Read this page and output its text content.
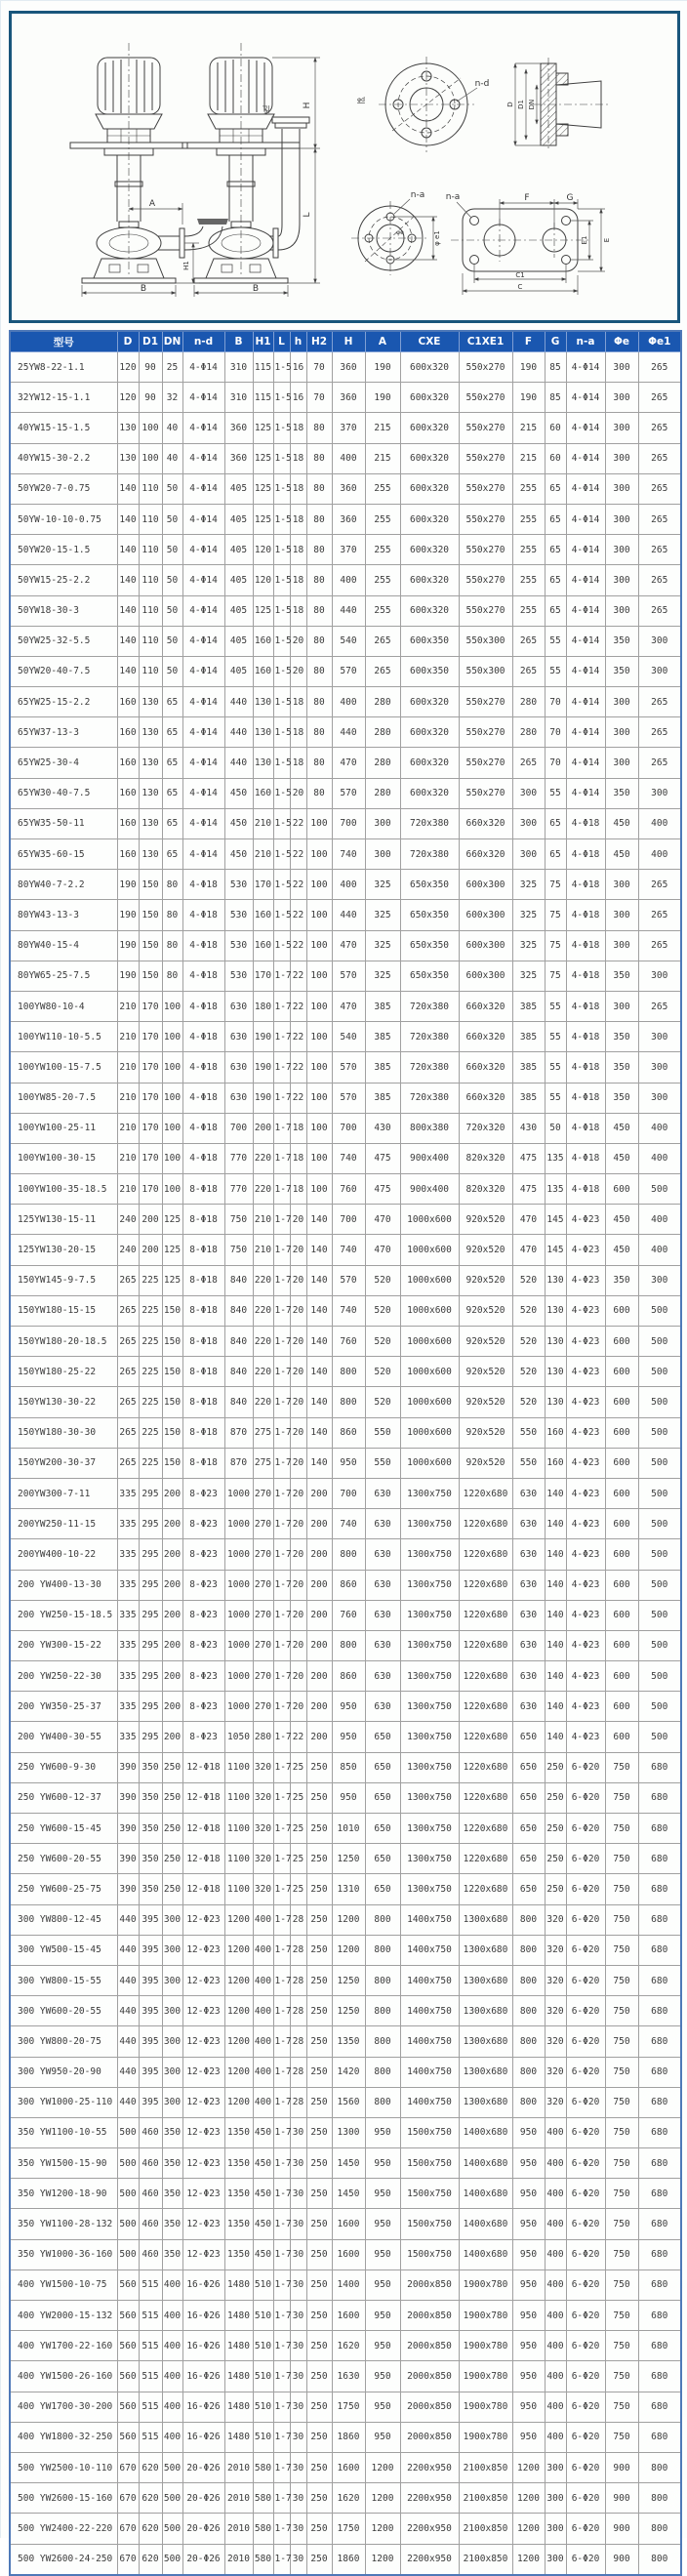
A
H1
B	B
H
L
φd
n-d
φd
D D1 DN
n-a
φ e1
φe
n-a	F	G
E1 E
C1
C
型号	D	D1	DN	n-d	B	H1	L	h	H2	H	A	CXE	C1XE1	F	G	n-a	Φe	Φe1
25YW8-22-1.1	120	90	25	4-Φ14	310	115	1-5	16	70	360	190	600x320	550x270	190	85	4-Φ14	300	265
32YW12-15-1.1	120	90	32	4-Φ14	310	115	1-5	16	70	360	190	600x320	550x270	190	85	4-Φ14	300	265
40YW15-15-1.5	130	100	40	4-Φ14	360	125	1-5	18	80	370	215	600x320	550x270	215	60	4-Φ14	300	265
40YW15-30-2.2	130	100	40	4-Φ14	360	125	1-5	18	80	400	215	600x320	550x270	215	60	4-Φ14	300	265
50YW20-7-0.75	140	110	50	4-Φ14	405	125	1-5	18	80	360	255	600x320	550x270	255	65	4-Φ14	300	265
50YW-10-10-0.75	140	110	50	4-Φ14	405	125	1-5	18	80	360	255	600x320	550x270	255	65	4-Φ14	300	265
50YW20-15-1.5	140	110	50	4-Φ14	405	120	1-5	18	80	370	255	600x320	550x270	255	65	4-Φ14	300	265
50YW15-25-2.2	140	110	50	4-Φ14	405	120	1-5	18	80	400	255	600x320	550x270	255	65	4-Φ14	300	265
50YW18-30-3	140	110	50	4-Φ14	405	125	1-5	18	80	440	255	600x320	550x270	255	65	4-Φ14	300	265
50YW25-32-5.5	140	110	50	4-Φ14	405	160	1-5	20	80	540	265	600x350	550x300	265	55	4-Φ14	350	300
50YW20-40-7.5	140	110	50	4-Φ14	405	160	1-5	20	80	570	265	600x350	550x300	265	55	4-Φ14	350	300
65YW25-15-2.2	160	130	65	4-Φ14	440	130	1-5	18	80	400	280	600x320	550x270	280	70	4-Φ14	300	265
65YW37-13-3	160	130	65	4-Φ14	440	130	1-5	18	80	440	280	600x320	550x270	280	70	4-Φ14	300	265
65YW25-30-4	160	130	65	4-Φ14	440	130	1-5	18	80	470	280	600x320	550x270	265	70	4-Φ14	300	265
65YW30-40-7.5	160	130	65	4-Φ14	450	160	1-5	20	80	570	280	600x320	550x270	300	55	4-Φ14	350	300
65YW35-50-11	160	130	65	4-Φ14	450	210	1-5	22	100	700	300	720x380	660x320	300	65	4-Φ18	450	400
65YW35-60-15	160	130	65	4-Φ14	450	210	1-5	22	100	740	300	720x380	660x320	300	65	4-Φ18	450	400
80YW40-7-2.2	190	150	80	4-Φ18	530	170	1-5	22	100	400	325	650x350	600x300	325	75	4-Φ18	300	265
80YW43-13-3	190	150	80	4-Φ18	530	160	1-5	22	100	440	325	650x350	600x300	325	75	4-Φ18	300	265
80YW40-15-4	190	150	80	4-Φ18	530	160	1-5	22	100	470	325	650x350	600x300	325	75	4-Φ18	300	265
80YW65-25-7.5	190	150	80	4-Φ18	530	170	1-7	22	100	570	325	650x350	600x300	325	75	4-Φ18	350	300
100YW80-10-4	210	170	100	4-Φ18	630	180	1-7	22	100	470	385	720x380	660x320	385	55	4-Φ18	300	265
100YW110-10-5.5	210	170	100	4-Φ18	630	190	1-7	22	100	540	385	720x380	660x320	385	55	4-Φ18	350	300
100YW100-15-7.5	210	170	100	4-Φ18	630	190	1-7	22	100	570	385	720x380	660x320	385	55	4-Φ18	350	300
100YW85-20-7.5	210	170	100	4-Φ18	630	190	1-7	22	100	570	385	720x380	660x320	385	55	4-Φ18	350	300
100YW100-25-11	210	170	100	4-Φ18	700	200	1-7	18	100	700	430	800x380	720x320	430	50	4-Φ18	450	400
100YW100-30-15	210	170	100	4-Φ18	770	220	1-7	18	100	740	475	900x400	820x320	475	135	4-Φ18	450	400
100YW100-35-18.5	210	170	100	8-Φ18	770	220	1-7	18	100	760	475	900x400	820x320	475	135	4-Φ18	600	500
125YW130-15-11	240	200	125	8-Φ18	750	210	1-7	20	140	700	470	1000x600	920x520	470	145	4-Φ23	450	400
125YW130-20-15	240	200	125	8-Φ18	750	210	1-7	20	140	740	470	1000x600	920x520	470	145	4-Φ23	450	400
150YW145-9-7.5	265	225	125	8-Φ18	840	220	1-7	20	140	570	520	1000x600	920x520	520	130	4-Φ23	350	300
150YW180-15-15	265	225	150	8-Φ18	840	220	1-7	20	140	740	520	1000x600	920x520	520	130	4-Φ23	600	500
150YW180-20-18.5	265	225	150	8-Φ18	840	220	1-7	20	140	760	520	1000x600	920x520	520	130	4-Φ23	600	500
150YW180-25-22	265	225	150	8-Φ18	840	220	1-7	20	140	800	520	1000x600	920x520	520	130	4-Φ23	600	500
150YW130-30-22	265	225	150	8-Φ18	840	220	1-7	20	140	800	520	1000x600	920x520	520	130	4-Φ23	600	500
150YW180-30-30	265	225	150	8-Φ18	870	275	1-7	20	140	860	550	1000x600	920x520	550	160	4-Φ23	600	500
150YW200-30-37	265	225	150	8-Φ18	870	275	1-7	20	140	950	550	1000x600	920x520	550	160	4-Φ23	600	500
200YW300-7-11	335	295	200	8-Φ23	1000	270	1-7	20	200	700	630	1300x750	1220x680	630	140	4-Φ23	600	500
200YW250-11-15	335	295	200	8-Φ23	1000	270	1-7	20	200	740	630	1300x750	1220x680	630	140	4-Φ23	600	500
200YW400-10-22	335	295	200	8-Φ23	1000	270	1-7	20	200	800	630	1300x750	1220x680	630	140	4-Φ23	600	500
200 YW400-13-30	335	295	200	8-Φ23	1000	270	1-7	20	200	860	630	1300x750	1220x680	630	140	4-Φ23	600	500
200 YW250-15-18.5	335	295	200	8-Φ23	1000	270	1-7	20	200	760	630	1300x750	1220x680	630	140	4-Φ23	600	500
200 YW300-15-22	335	295	200	8-Φ23	1000	270	1-7	20	200	800	630	1300x750	1220x680	630	140	4-Φ23	600	500
200 YW250-22-30	335	295	200	8-Φ23	1000	270	1-7	20	200	860	630	1300x750	1220x680	630	140	4-Φ23	600	500
200 YW350-25-37	335	295	200	8-Φ23	1000	270	1-7	20	200	950	630	1300x750	1220x680	630	140	4-Φ23	600	500
200 YW400-30-55	335	295	200	8-Φ23	1050	280	1-7	22	200	950	650	1300x750	1220x680	650	140	4-Φ23	600	500
250 YW600-9-30	390	350	250	12-Φ18	1100	320	1-7	25	250	850	650	1300x750	1220x680	650	250	6-Φ20	750	680
250 YW600-12-37	390	350	250	12-Φ18	1100	320	1-7	25	250	950	650	1300x750	1220x680	650	250	6-Φ20	750	680
250 YW600-15-45	390	350	250	12-Φ18	1100	320	1-7	25	250	1010	650	1300x750	1220x680	650	250	6-Φ20	750	680
250 YW600-20-55	390	350	250	12-Φ18	1100	320	1-7	25	250	1250	650	1300x750	1220x680	650	250	6-Φ20	750	680
250 YW600-25-75	390	350	250	12-Φ18	1100	320	1-7	25	250	1310	650	1300x750	1220x680	650	250	6-Φ20	750	680
300 YW800-12-45	440	395	300	12-Φ23	1200	400	1-7	28	250	1200	800	1400x750	1300x680	800	320	6-Φ20	750	680
300 YW500-15-45	440	395	300	12-Φ23	1200	400	1-7	28	250	1200	800	1400x750	1300x680	800	320	6-Φ20	750	680
300 YW800-15-55	440	395	300	12-Φ23	1200	400	1-7	28	250	1250	800	1400x750	1300x680	800	320	6-Φ20	750	680
300 YW600-20-55	440	395	300	12-Φ23	1200	400	1-7	28	250	1250	800	1400x750	1300x680	800	320	6-Φ20	750	680
300 YW800-20-75	440	395	300	12-Φ23	1200	400	1-7	28	250	1350	800	1400x750	1300x680	800	320	6-Φ20	750	680
300 YW950-20-90	440	395	300	12-Φ23	1200	400	1-7	28	250	1420	800	1400x750	1300x680	800	320	6-Φ20	750	680
300 YW1000-25-110	440	395	300	12-Φ23	1200	400	1-7	28	250	1560	800	1400x750	1300x680	800	320	6-Φ20	750	680
350 YW1100-10-55	500	460	350	12-Φ23	1350	450	1-7	30	250	1300	950	1500x750	1400x680	950	400	6-Φ20	750	680
350 YW1500-15-90	500	460	350	12-Φ23	1350	450	1-7	30	250	1450	950	1500x750	1400x680	950	400	6-Φ20	750	680
350 YW1200-18-90	500	460	350	12-Φ23	1350	450	1-7	30	250	1450	950	1500x750	1400x680	950	400	6-Φ20	750	680
350 YW1100-28-132	500	460	350	12-Φ23	1350	450	1-7	30	250	1600	950	1500x750	1400x680	950	400	6-Φ20	750	680
350 YW1000-36-160	500	460	350	12-Φ23	1350	450	1-7	30	250	1600	950	1500x750	1400x680	950	400	6-Φ20	750	680
400 YW1500-10-75	560	515	400	16-Φ26	1480	510	1-7	30	250	1400	950	2000x850	1900x780	950	400	6-Φ20	750	680
400 YW2000-15-132	560	515	400	16-Φ26	1480	510	1-7	30	250	1600	950	2000x850	1900x780	950	400	6-Φ20	750	680
400 YW1700-22-160	560	515	400	16-Φ26	1480	510	1-7	30	250	1620	950	2000x850	1900x780	950	400	6-Φ20	750	680
400 YW1500-26-160	560	515	400	16-Φ26	1480	510	1-7	30	250	1630	950	2000x850	1900x780	950	400	6-Φ20	750	680
400 YW1700-30-200	560	515	400	16-Φ26	1480	510	1-7	30	250	1750	950	2000x850	1900x780	950	400	6-Φ20	750	680
400 YW1800-32-250	560	515	400	16-Φ26	1480	510	1-7	30	250	1860	950	2000x850	1900x780	950	400	6-Φ20	750	680
500 YW2500-10-110	670	620	500	20-Φ26	2010	580	1-7	30	250	1600	1200	2200x950	2100x850	1200	300	6-Φ20	900	800
500 YW2600-15-160	670	620	500	20-Φ26	2010	580	1-7	30	250	1620	1200	2200x950	2100x850	1200	300	6-Φ20	900	800
500 YW2400-22-220	670	620	500	20-Φ26	2010	580	1-7	30	250	1750	1200	2200x950	2100x850	1200	300	6-Φ20	900	800
500 YW2600-24-250	670	620	500	20-Φ26	2010	580	1-7	30	250	1860	1200	2200x950	2100x850	1200	300	6-Φ20	900	800
